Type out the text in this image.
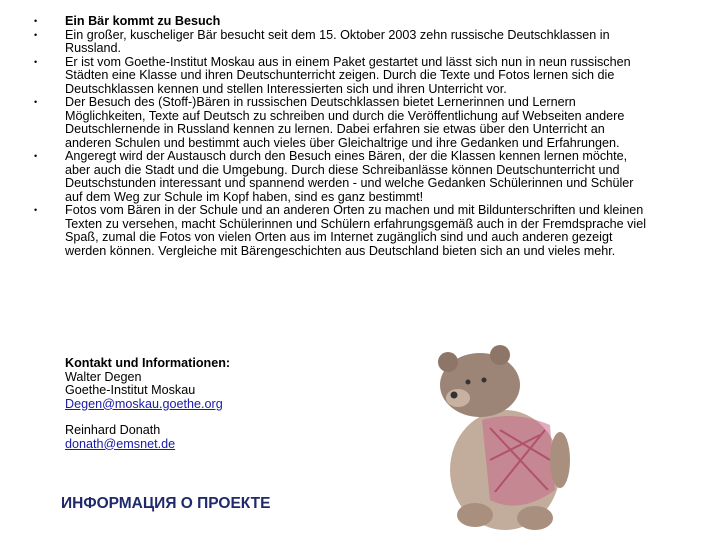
• Ein Bär kommt zu Besuch
• Ein großer, kuscheliger Bär besucht seit dem 15. Oktober 2003 zehn russische Deutschklassen in Russland.
• Er ist vom Goethe-Institut Moskau aus in einem Paket gestartet und lässt sich nun in neun russischen Städten eine Klasse und ihren Deutschunterricht zeigen. Durch die Texte und Fotos lernen sich die Deutschklassen kennen und stellen Interessierten sich und ihren Unterricht vor.
• Der Besuch des (Stoff-)Bären in russischen Deutschklassen bietet Lernerinnen und Lernern Möglichkeiten, Texte auf Deutsch zu schreiben und durch die Veröffentlichung auf Webseiten andere Deutschlernende in Russland kennen zu lernen. Dabei erfahren sie etwas über den Unterricht an anderen Schulen und bestimmt auch vieles über Gleichaltrige und ihre Gedanken und Erfahrungen.
• Angeregt wird der Austausch durch den Besuch eines Bären, der die Klassen kennen lernen möchte, aber auch die Stadt und die Umgebung. Durch diese Schreibanlässe können Deutschunterricht und Deutschstunden interessant und spannend werden - und welche Gedanken Schülerinnen und Schüler auf dem Weg zur Schule im Kopf haben, sind es ganz bestimmt!
• Fotos vom Bären in der Schule und an anderen Orten zu machen und mit Bildunterschriften und kleinen Texten zu versehen, macht Schülerinnen und Schülern erfahrungsgemäß auch in der Fremdsprache viel Spaß, zumal die Fotos von vielen Orten aus im Internet zugänglich sind und auch anderen gezeigt werden können. Vergleiche mit Bärengeschichten aus Deutschland bieten sich an und vieles mehr.
Kontakt und Informationen:
Walter Degen
Goethe-Institut Moskau
Degen@moskau.goethe.org
Reinhard Donath
donath@emsnet.de
ИНФОРМАЦИЯ О ПРОЕКТЕ
